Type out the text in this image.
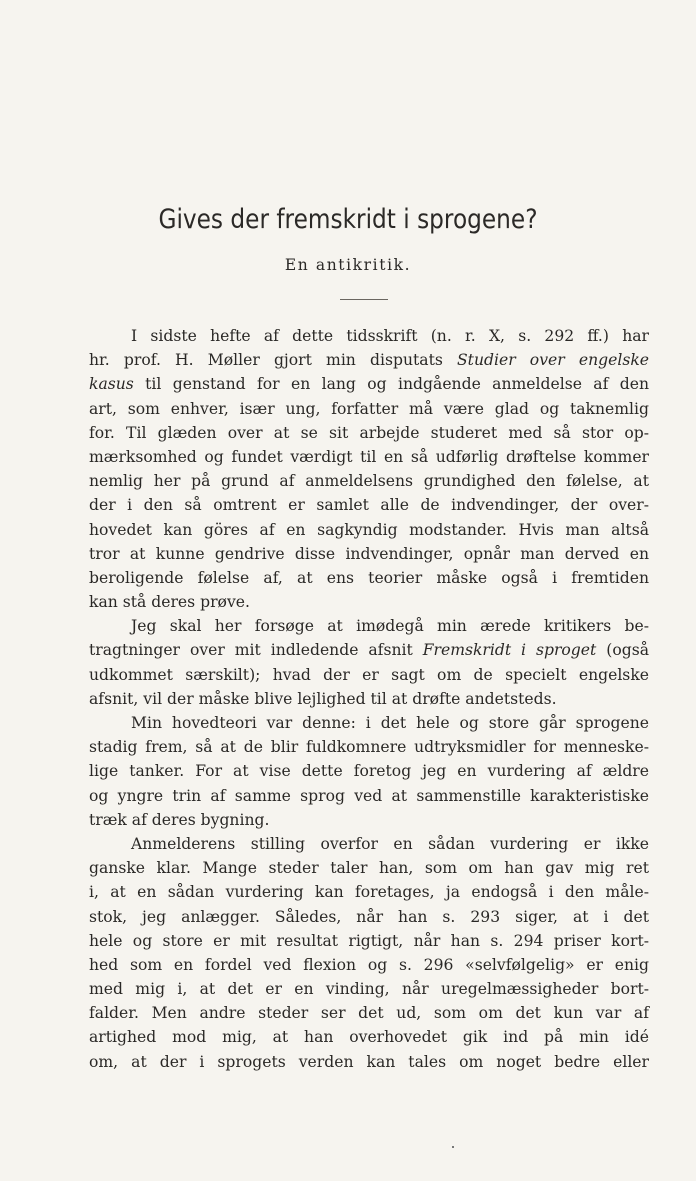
Gives der fremskridt i sprogene?
En antikritik.
I sidste hefte af dette tidsskrift (n. r. X, s. 292 ff.) har
hr. prof. H. Møller gjort min disputats Studier over engelske
kasus til genstand for en lang og indgående anmeldelse af den
art, som enhver, især ung, forfatter må være glad og taknemlig
for. Til glæden over at se sit arbejde studeret med så stor op-
mærksomhed og fundet værdigt til en så udførlig drøftelse kommer
nemlig her på grund af anmeldelsens grundighed den følelse, at
der i den så omtrent er samlet alle de indvendinger, der over-
hovedet kan göres af en sagkyndig modstander. Hvis man altså
tror at kunne gendrive disse indvendinger, opnår man derved en
beroligende følelse af, at ens teorier måske også i fremtiden
kan stå deres prøve.
Jeg skal her forsøge at imødegå min ærede kritikers be-
tragtninger over mit indledende afsnit Fremskridt i sproget (også
udkommet særskilt); hvad der er sagt om de specielt engelske
afsnit, vil der måske blive lejlighed til at drøfte andetsteds.
Min hovedteori var denne: i det hele og store går sprogene
stadig frem, så at de blir fuldkomnere udtryksmidler for menneske-
lige tanker. For at vise dette foretog jeg en vurdering af ældre
og yngre trin af samme sprog ved at sammenstille karakteristiske
træk af deres bygning.
Anmelderens stilling overfor en sådan vurdering er ikke
ganske klar. Mange steder taler han, som om han gav mig ret
i, at en sådan vurdering kan foretages, ja endogså i den måle-
stok, jeg anlægger. Således, når han s. 293 siger, at i det
hele og store er mit resultat rigtigt, når han s. 294 priser kort-
hed som en fordel ved flexion og s. 296 «selvfølgelig» er enig
med mig i, at det er en vinding, når uregelmæssigheder bort-
falder. Men andre steder ser det ud, som om det kun var af
artighed mod mig, at han overhovedet gik ind på min idé
om, at der i sprogets verden kan tales om noget bedre eller
